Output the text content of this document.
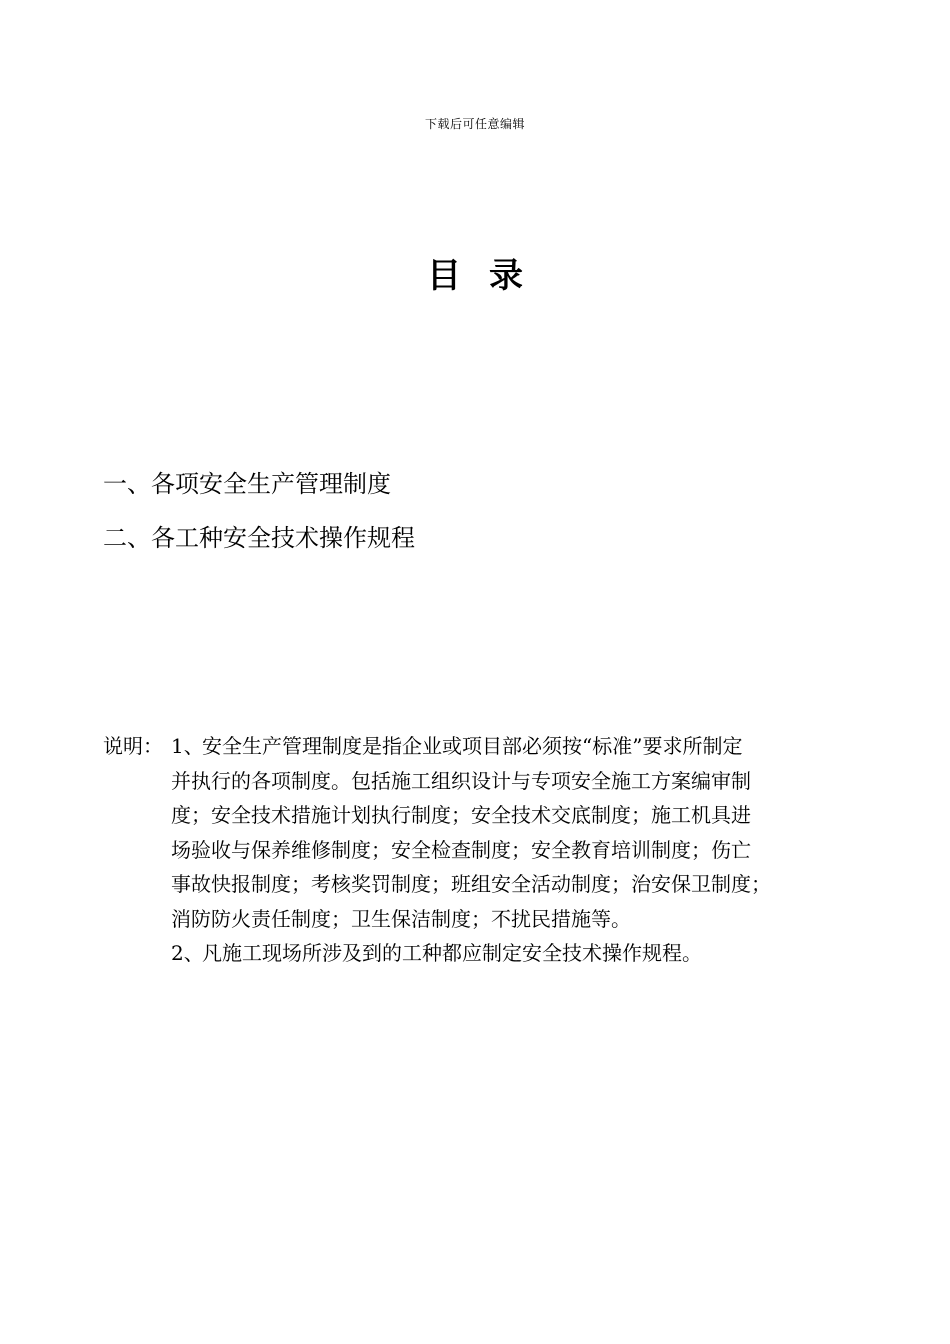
下载后可任意编辑
目录
一、各项安全生产管理制度
二、各工种安全技术操作规程
说明： 1、
安全生产管理制度是指企业或项目部必须按“标准”要求所制定
并执行的各项制度。包括施工组织设计与专项安全施工方案编审制
度；安全技术措施计划执行制度；安全技术交底制度；施工机具进
场验收与保养维修制度；安全检查制度；安全教育培训制度；伤亡
事故快报制度；考核奖罚制度；班组安全活动制度；治安保卫制度；
消防防火责任制度；卫生保洁制度；不扰民措施等。
2、
凡施工现场所涉及到的工种都应制定安全技术操作规程。
